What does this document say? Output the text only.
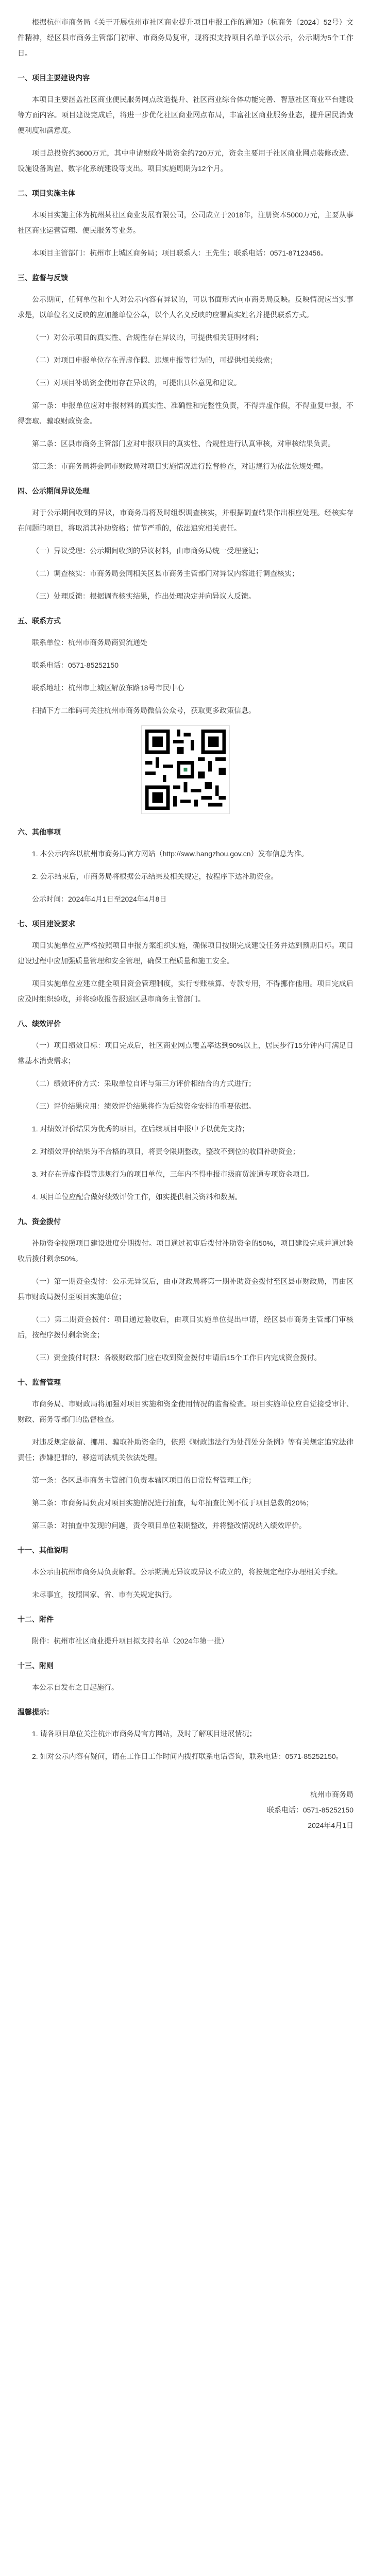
根据杭州市商务局《关于开展杭州市社区商业提升项目申报工作的通知》（杭商务〔2024〕52号）文件精神，经区县市商务主管部门初审、市商务局复审，现将拟支持项目名单予以公示，公示期为5个工作日。

一、项目主要建设内容

本项目主要涵盖社区商业便民服务网点改造提升、社区商业综合体功能完善、智慧社区商业平台建设等方面内容。项目建设完成后，将进一步优化社区商业网点布局，丰富社区商业服务业态，提升居民消费便利度和满意度。

项目总投资约3600万元，其中申请财政补助资金约720万元，资金主要用于社区商业网点装修改造、设施设备购置、数字化系统建设等支出。项目实施周期为12个月。

二、项目实施主体

本项目实施主体为杭州某社区商业发展有限公司，公司成立于2018年，注册资本5000万元，主要从事社区商业运营管理、便民服务等业务。

本项目主管部门：杭州市上城区商务局；项目联系人：王先生；联系电话：0571-87123456。

三、监督与反馈

公示期间，任何单位和个人对公示内容有异议的，可以书面形式向市商务局反映。反映情况应当实事求是，以单位名义反映的应加盖单位公章，以个人名义反映的应署真实姓名并提供联系方式。

（一）对公示项目的真实性、合规性存在异议的，可提供相关证明材料；

（二）对项目申报单位存在弄虚作假、违规申报等行为的，可提供相关线索；

（三）对项目补助资金使用存在异议的，可提出具体意见和建议。

第一条：申报单位应对申报材料的真实性、准确性和完整性负责，不得弄虚作假，不得重复申报，不得套取、骗取财政资金。

第二条：区县市商务主管部门应对申报项目的真实性、合规性进行认真审核，对审核结果负责。

第三条：市商务局将会同市财政局对项目实施情况进行监督检查，对违规行为依法依规处理。

四、公示期间异议处理

对于公示期间收到的异议，市商务局将及时组织调查核实，并根据调查结果作出相应处理。经核实存在问题的项目，将取消其补助资格；情节严重的，依法追究相关责任。

（一）异议受理：公示期间收到的异议材料，由市商务局统一受理登记；

（二）调查核实：市商务局会同相关区县市商务主管部门对异议内容进行调查核实；

（三）处理反馈：根据调查核实结果，作出处理决定并向异议人反馈。

五、联系方式

联系单位：杭州市商务局商贸流通处

联系电话：0571-85252150

联系地址：杭州市上城区解放东路18号市民中心

扫描下方二维码可关注杭州市商务局微信公众号，获取更多政策信息。

六、其他事项

1. 本公示内容以杭州市商务局官方网站（http://sww.hangzhou.gov.cn）发布信息为准。

2. 公示结束后，市商务局将根据公示结果及相关规定，按程序下达补助资金。

公示时间：2024年4月1日至2024年4月8日

七、项目建设要求

项目实施单位应严格按照项目申报方案组织实施，确保项目按期完成建设任务并达到预期目标。项目建设过程中应加强质量管理和安全管理，确保工程质量和施工安全。

项目实施单位应建立健全项目资金管理制度，实行专账核算、专款专用，不得挪作他用。项目完成后应及时组织验收，并将验收报告报送区县市商务主管部门。

八、绩效评价

（一）项目绩效目标：项目完成后，社区商业网点覆盖率达到90%以上，居民步行15分钟内可满足日常基本消费需求；

（二）绩效评价方式：采取单位自评与第三方评价相结合的方式进行；

（三）评价结果应用：绩效评价结果将作为后续资金安排的重要依据。

1. 对绩效评价结果为优秀的项目，在后续项目申报中予以优先支持；

2. 对绩效评价结果为不合格的项目，将责令限期整改，整改不到位的收回补助资金；

3. 对存在弄虚作假等违规行为的项目单位，三年内不得申报市级商贸流通专项资金项目。

4. 项目单位应配合做好绩效评价工作，如实提供相关资料和数据。

九、资金拨付

补助资金按照项目建设进度分期拨付。项目通过初审后拨付补助资金的50%，项目建设完成并通过验收后拨付剩余50%。

（一）第一期资金拨付：公示无异议后，由市财政局将第一期补助资金拨付至区县市财政局，再由区县市财政局拨付至项目实施单位；

（二）第二期资金拨付：项目通过验收后，由项目实施单位提出申请，经区县市商务主管部门审核后，按程序拨付剩余资金；

（三）资金拨付时限：各级财政部门应在收到资金拨付申请后15个工作日内完成资金拨付。

十、监督管理

市商务局、市财政局将加强对项目实施和资金使用情况的监督检查。项目实施单位应自觉接受审计、财政、商务等部门的监督检查。

对违反规定截留、挪用、骗取补助资金的，依照《财政违法行为处罚处分条例》等有关规定追究法律责任；涉嫌犯罪的，移送司法机关依法处理。

第一条：各区县市商务主管部门负责本辖区项目的日常监督管理工作；

第二条：市商务局负责对项目实施情况进行抽查，每年抽查比例不低于项目总数的20%；

第三条：对抽查中发现的问题，责令项目单位限期整改，并将整改情况纳入绩效评价。

十一、其他说明

本公示由杭州市商务局负责解释。公示期满无异议或异议不成立的，将按规定程序办理相关手续。

未尽事宜，按照国家、省、市有关规定执行。

十二、附件

附件：杭州市社区商业提升项目拟支持名单（2024年第一批）

十三、附则

本公示自发布之日起施行。

温馨提示：

1. 请各项目单位关注杭州市商务局官方网站，及时了解项目进展情况；

2. 如对公示内容有疑问，请在工作日工作时间内拨打联系电话咨询，联系电话：0571-85252150。

杭州市商务局

联系电话：0571-85252150

2024年4月1日
